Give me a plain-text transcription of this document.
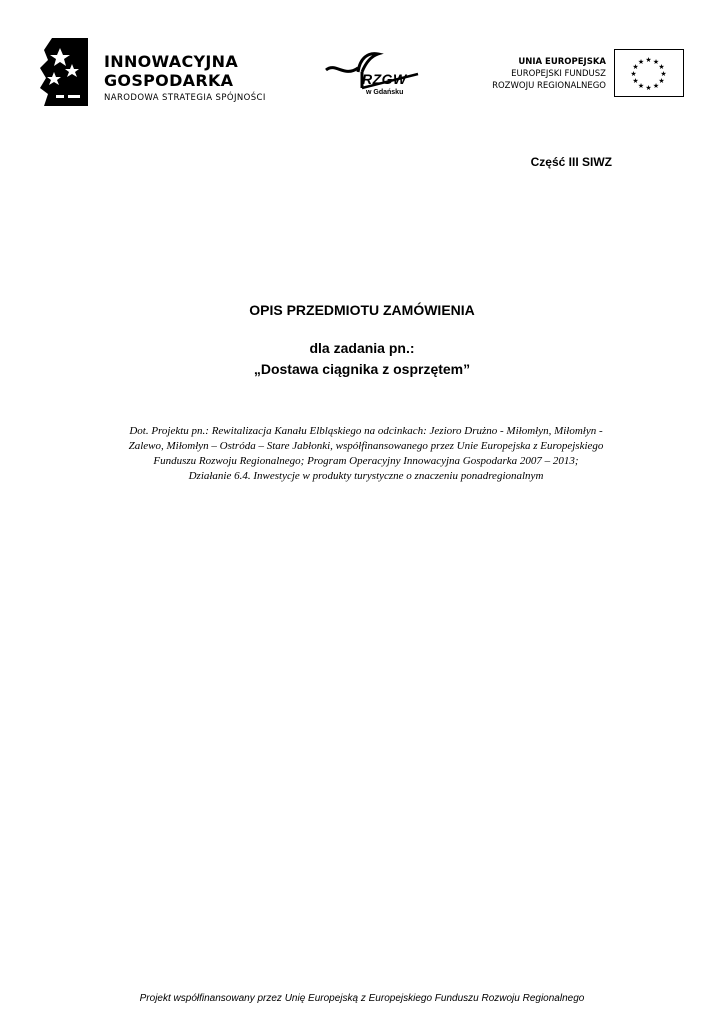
INNOWACYJNA
GOSPODARKA
NARODOWA STRATEGIA SPÓJNOŚCI
RZGW
w Gdańsku
UNIA EUROPEJSKA
EUROPEJSKI FUNDUSZ
ROZWOJU REGIONALNEGO
★ ★
★
★
★
★
★
★
★
★
★
★
Część III SIWZ
OPIS PRZEDMIOTU ZAMÓWIENIA
dla zadania pn.:
„Dostawa ciągnika z osprzętem”
Dot. Projektu pn.: Rewitalizacja Kanału Elbląskiego na odcinkach: Jezioro Drużno - Miłomłyn, Miłomłyn -
Zalewo, Miłomłyn – Ostróda – Stare Jabłonki, współfinansowanego przez Unie Europejska z Europejskiego
Funduszu Rozwoju Regionalnego; Program Operacyjny Innowacyjna Gospodarka 2007 – 2013;
Działanie 6.4. Inwestycje w produkty turystyczne o znaczeniu ponadregionalnym
Projekt współfinansowany przez Unię Europejską z Europejskiego Funduszu Rozwoju Regionalnego
